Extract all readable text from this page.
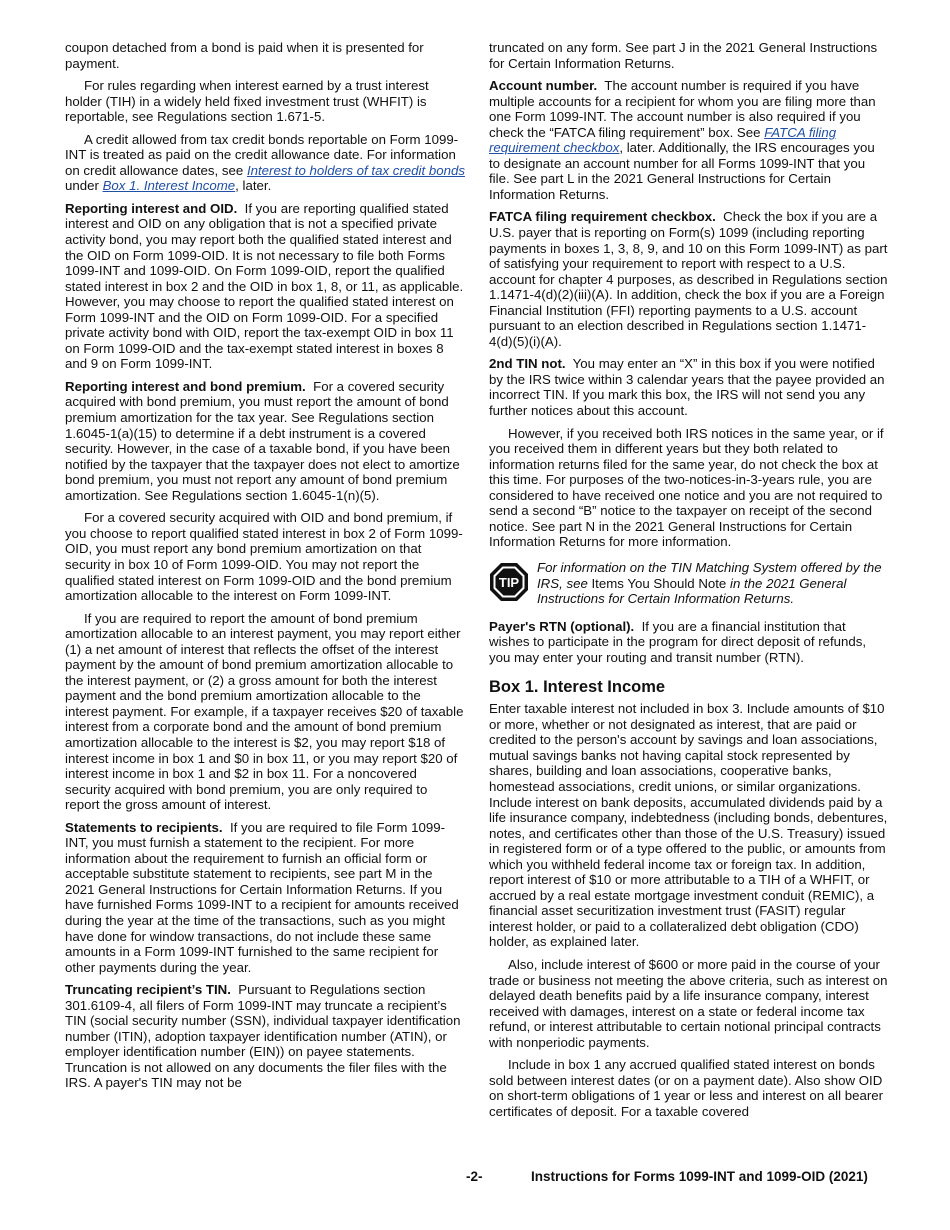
coupon detached from a bond is paid when it is presented for payment.

For rules regarding when interest earned by a trust interest holder (TIH) in a widely held fixed investment trust (WHFIT) is reportable, see Regulations section 1.671-5.

A credit allowed from tax credit bonds reportable on Form 1099-INT is treated as paid on the credit allowance date. For information on credit allowance dates, see Interest to holders of tax credit bonds under Box 1. Interest Income, later.

Reporting interest and OID. If you are reporting qualified stated interest and OID on any obligation that is not a specified private activity bond, you may report both the qualified stated interest and the OID on Form 1099-OID. It is not necessary to file both Forms 1099-INT and 1099-OID. On Form 1099-OID, report the qualified stated interest in box 2 and the OID in box 1, 8, or 11, as applicable. However, you may choose to report the qualified stated interest on Form 1099-INT and the OID on Form 1099-OID. For a specified private activity bond with OID, report the tax-exempt OID in box 11 on Form 1099-OID and the tax-exempt stated interest in boxes 8 and 9 on Form 1099-INT.

Reporting interest and bond premium. For a covered security acquired with bond premium, you must report the amount of bond premium amortization for the tax year. See Regulations section 1.6045-1(a)(15) to determine if a debt instrument is a covered security. However, in the case of a taxable bond, if you have been notified by the taxpayer that the taxpayer does not elect to amortize bond premium, you must not report any amount of bond premium amortization. See Regulations section 1.6045-1(n)(5).

For a covered security acquired with OID and bond premium, if you choose to report qualified stated interest in box 2 of Form 1099-OID, you must report any bond premium amortization on that security in box 10 of Form 1099-OID. You may not report the qualified stated interest on Form 1099-OID and the bond premium amortization allocable to the interest on Form 1099-INT.

If you are required to report the amount of bond premium amortization allocable to an interest payment, you may report either (1) a net amount of interest that reflects the offset of the interest payment by the amount of bond premium amortization allocable to the interest payment, or (2) a gross amount for both the interest payment and the bond premium amortization allocable to the interest payment. For example, if a taxpayer receives $20 of taxable interest from a corporate bond and the amount of bond premium amortization allocable to the interest is $2, you may report $18 of interest income in box 1 and $0 in box 11, or you may report $20 of interest income in box 1 and $2 in box 11. For a noncovered security acquired with bond premium, you are only required to report the gross amount of interest.

Statements to recipients. If you are required to file Form 1099-INT, you must furnish a statement to the recipient. For more information about the requirement to furnish an official form or acceptable substitute statement to recipients, see part M in the 2021 General Instructions for Certain Information Returns. If you have furnished Forms 1099-INT to a recipient for amounts received during the year at the time of the transactions, such as you might have done for window transactions, do not include these same amounts in a Form 1099-INT furnished to the same recipient for other payments during the year.

Truncating recipient’s TIN. Pursuant to Regulations section 301.6109-4, all filers of Form 1099-INT may truncate a recipient’s TIN (social security number (SSN), individual taxpayer identification number (ITIN), adoption taxpayer identification number (ATIN), or employer identification number (EIN)) on payee statements. Truncation is not allowed on any documents the filer files with the IRS. A payer's TIN may not be

truncated on any form. See part J in the 2021 General Instructions for Certain Information Returns.

Account number. The account number is required if you have multiple accounts for a recipient for whom you are filing more than one Form 1099-INT. The account number is also required if you check the “FATCA filing requirement” box. See FATCA filing requirement checkbox, later. Additionally, the IRS encourages you to designate an account number for all Forms 1099-INT that you file. See part L in the 2021 General Instructions for Certain Information Returns.

FATCA filing requirement checkbox. Check the box if you are a U.S. payer that is reporting on Form(s) 1099 (including reporting payments in boxes 1, 3, 8, 9, and 10 on this Form 1099-INT) as part of satisfying your requirement to report with respect to a U.S. account for chapter 4 purposes, as described in Regulations section 1.1471-4(d)(2)(iii)(A). In addition, check the box if you are a Foreign Financial Institution (FFI) reporting payments to a U.S. account pursuant to an election described in Regulations section 1.1471-4(d)(5)(i)(A).

2nd TIN not. You may enter an “X” in this box if you were notified by the IRS twice within 3 calendar years that the payee provided an incorrect TIN. If you mark this box, the IRS will not send you any further notices about this account.

However, if you received both IRS notices in the same year, or if you received them in different years but they both related to information returns filed for the same year, do not check the box at this time. For purposes of the two-notices-in-3-years rule, you are considered to have received one notice and you are not required to send a second “B” notice to the taxpayer on receipt of the second notice. See part N in the 2021 General Instructions for Certain Information Returns for more information.

TIP
For information on the TIN Matching System offered by the IRS, see Items You Should Note in the 2021 General Instructions for Certain Information Returns.

Payer's RTN (optional). If you are a financial institution that wishes to participate in the program for direct deposit of refunds, you may enter your routing and transit number (RTN).

Box 1. Interest Income

Enter taxable interest not included in box 3. Include amounts of $10 or more, whether or not designated as interest, that are paid or credited to the person's account by savings and loan associations, mutual savings banks not having capital stock represented by shares, building and loan associations, cooperative banks, homestead associations, credit unions, or similar organizations. Include interest on bank deposits, accumulated dividends paid by a life insurance company, indebtedness (including bonds, debentures, notes, and certificates other than those of the U.S. Treasury) issued in registered form or of a type offered to the public, or amounts from which you withheld federal income tax or foreign tax. In addition, report interest of $10 or more attributable to a TIH of a WHFIT, or accrued by a real estate mortgage investment conduit (REMIC), a financial asset securitization investment trust (FASIT) regular interest holder, or paid to a collateralized debt obligation (CDO) holder, as explained later.

Also, include interest of $600 or more paid in the course of your trade or business not meeting the above criteria, such as interest on delayed death benefits paid by a life insurance company, interest received with damages, interest on a state or federal income tax refund, or interest attributable to certain notional principal contracts with nonperiodic payments.

Include in box 1 any accrued qualified stated interest on bonds sold between interest dates (or on a payment date). Also show OID on short-term obligations of 1 year or less and interest on all bearer certificates of deposit. For a taxable covered

-2-	Instructions for Forms 1099-INT and 1099-OID (2021)
